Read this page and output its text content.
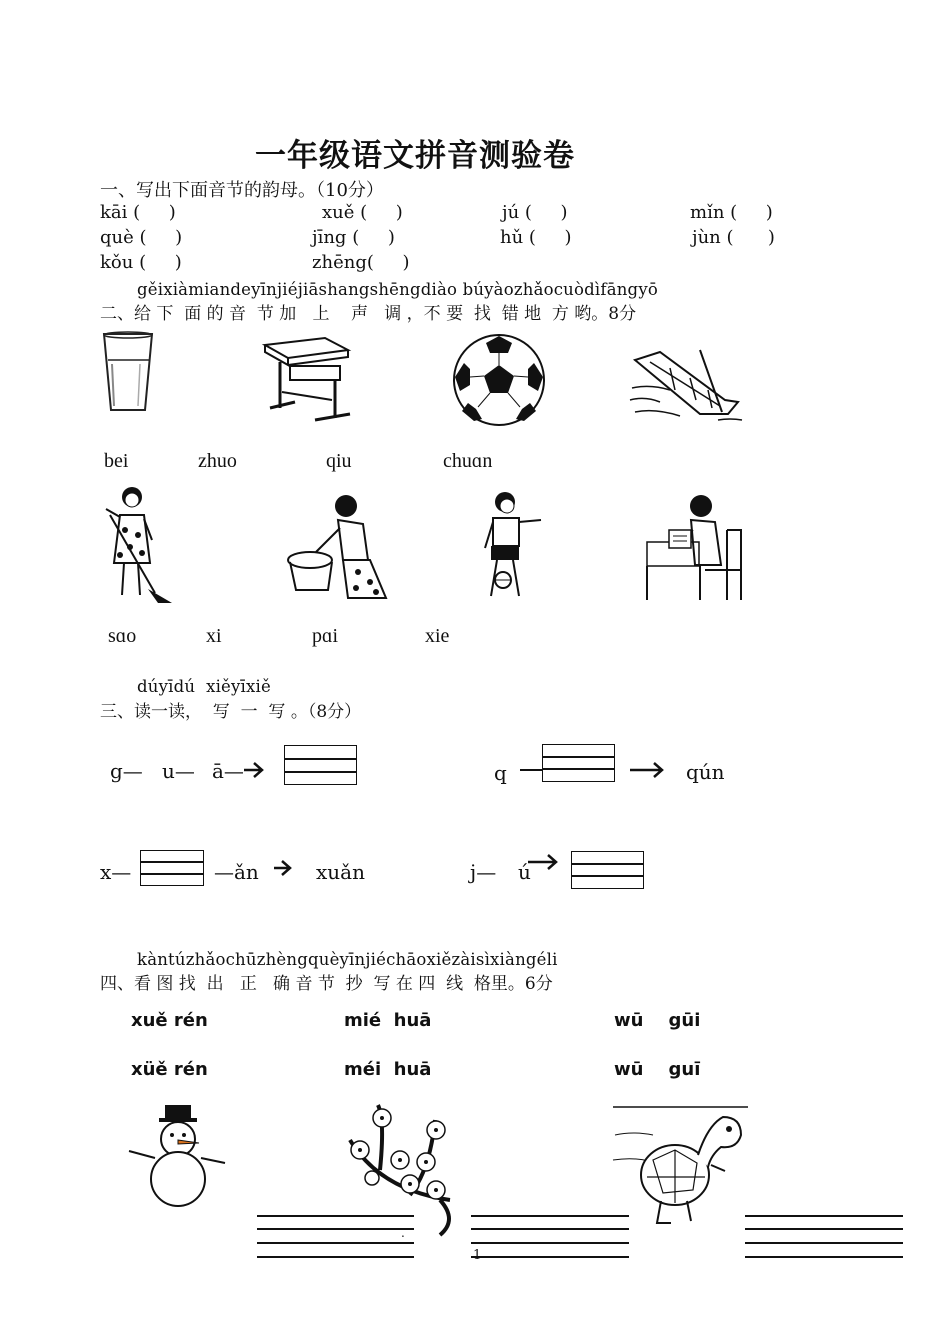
一年级语文拼音测验卷
一、写出下面音节的韵母。（10分）
kāi (     )	xuě (     )	jú (     )	mǐn (     )
què (     )	jīng (     )	hǔ (     )	jùn (      )
kǒu (     )	zhēng(     )
gěixiàmiandeyīnjiéjiāshangshēngdiào búyàozhǎocuòdìfāngyō
二、给 下  面 的 音  节 加   上    声   调 ，不 要  找  错 地  方 哟。8分
bei	zhuo	qiu	chuɑn
sɑo	xi	pɑi	xie
dúyīdú  xiěyīxiě
三、读一读，  写  一  写 。（8分）
g— u— ā—	q	qún
x—	—ǎn	xuǎn	j— ú
kàntúzhǎochūzhèngquèyīnjiéchāoxiězàisìxiàngéli
四、看 图 找  出   正   确 音 节  抄  写 在 四  线  格里。6分
xuě rén	mié  huā	wū    gūi
xüě rén	méi  huā	wū    guī
.
1
